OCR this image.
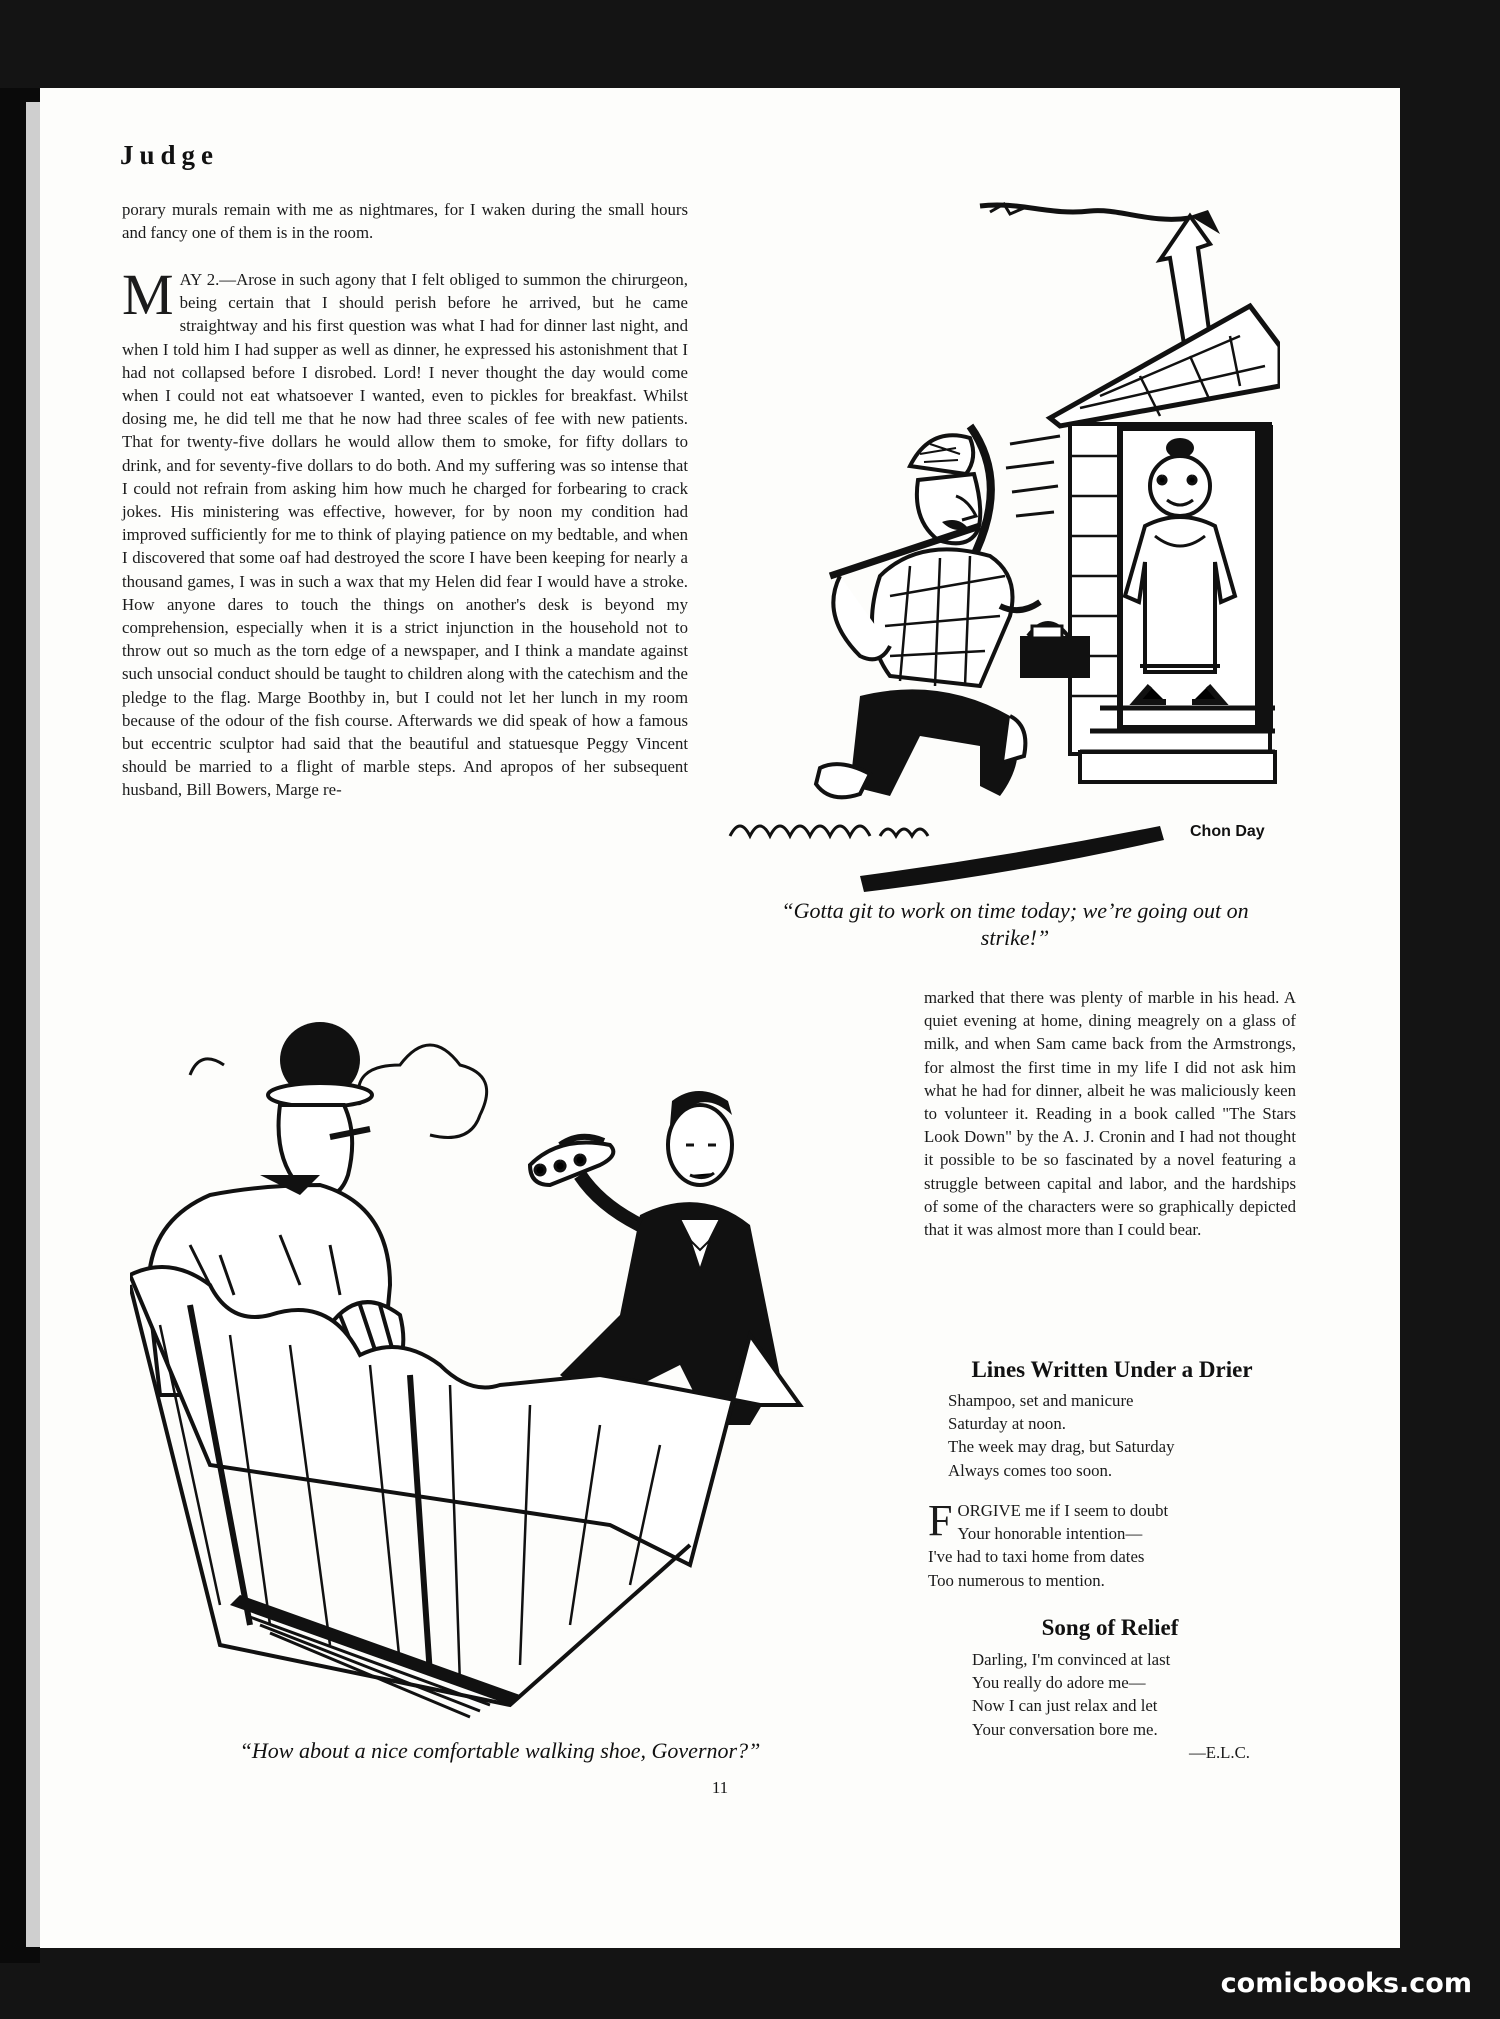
Judge

porary murals remain with me as nightmares, for I waken during the small hours and fancy one of them is in the room.

M AY 2.—Arose in such agony that I felt obliged to summon the chirurgeon, being certain that I should perish before he arrived, but he came straightway and his first question was what I had for dinner last night, and when I told him I had supper as well as dinner, he expressed his astonishment that I had not collapsed before I disrobed. Lord! I never thought the day would come when I could not eat whatsoever I wanted, even to pickles for breakfast. Whilst dosing me, he did tell me that he now had three scales of fee with new patients. That for twenty-five dollars he would allow them to smoke, for fifty dollars to drink, and for seventy-five dollars to do both. And my suffering was so intense that I could not refrain from asking him how much he charged for forbearing to crack jokes. His ministering was effective, however, for by noon my condition had improved sufficiently for me to think of playing patience on my bedtable, and when I discovered that some oaf had destroyed the score I have been keeping for nearly a thousand games, I was in such a wax that my Helen did fear I would have a stroke. How anyone dares to touch the things on another's desk is beyond my comprehension, especially when it is a strict injunction in the household not to throw out so much as the torn edge of a newspaper, and I think a mandate against such unsocial conduct should be taught to children along with the catechism and the pledge to the flag. Marge Boothby in, but I could not let her lunch in my room because of the odour of the fish course. Afterwards we did speak of how a famous but eccentric sculptor had said that the beautiful and statuesque Peggy Vincent should be married to a flight of marble steps. And apropos of her subsequent husband, Bill Bowers, Marge re-

Chon Day
“Gotta git to work on time today; we’re going out on strike!”
“How about a nice comfortable walking shoe, Governor?”

marked that there was plenty of marble in his head. A quiet evening at home, dining meagrely on a glass of milk, and when Sam came back from the Armstrongs, for almost the first time in my life I did not ask him what he had for dinner, albeit he was maliciously keen to volunteer it. Reading in a book called "The Stars Look Down" by the A. J. Cronin and I had not thought it possible to be so fascinated by a novel featuring a struggle between capital and labor, and the hardships of some of the characters were so graphically depicted that it was almost more than I could bear.

Lines Written Under a Drier
Shampoo, set and manicure
Saturday at noon.
The week may drag, but Saturday
Always comes too soon.
F ORGIVE me if I seem to doubt
Your honorable intention—
I've had to taxi home from dates
Too numerous to mention.
Song of Relief
Darling, I'm convinced at last
You really do adore me—
Now I can just relax and let
Your conversation bore me.
—E.L.C.
11
comicbooks.com
